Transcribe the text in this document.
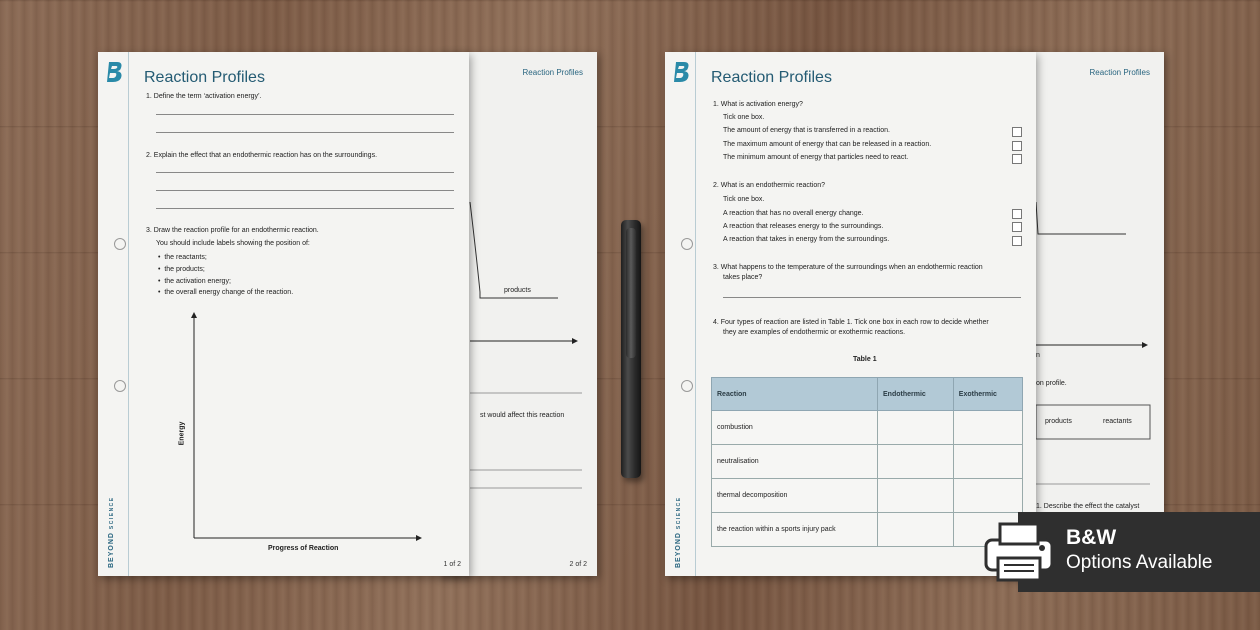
Reaction Profiles
products
st would affect this reaction
2 of 2
Reaction Profiles
BEYOND SCIENCE
1. Define the term ‘activation energy’.
2. Explain the effect that an endothermic reaction has on the surroundings.
3. Draw the reaction profile for an endothermic reaction.
You should include labels showing the position of:
•  the reactants;
•  the products;
•  the activation energy;
•  the overall energy change of the reaction.
Energy
Progress of Reaction
1 of 2
Reaction Profiles
n
on profile.
products	reactants
1. Describe the effect the catalyst
Reaction Profiles
BEYOND SCIENCE
1. What is activation energy?
Tick one box.
The amount of energy that is transferred in a reaction.
The maximum amount of energy that can be released in a reaction.
The minimum amount of energy that particles need to react.
2. What is an endothermic reaction?
Tick one box.
A reaction that has no overall energy change.
A reaction that releases energy to the surroundings.
A reaction that takes in energy from the surroundings.
3. What happens to the temperature of the surroundings when an endothermic reaction
takes place?
4. Four types of reaction are listed in Table 1. Tick one box in each row to decide whether
they are examples of endothermic or exothermic reactions.
Table 1
Reaction	Endothermic	Exothermic
combustion		
neutralisation		
thermal decomposition		
the reaction within a sports injury pack			B&W
Options Available
